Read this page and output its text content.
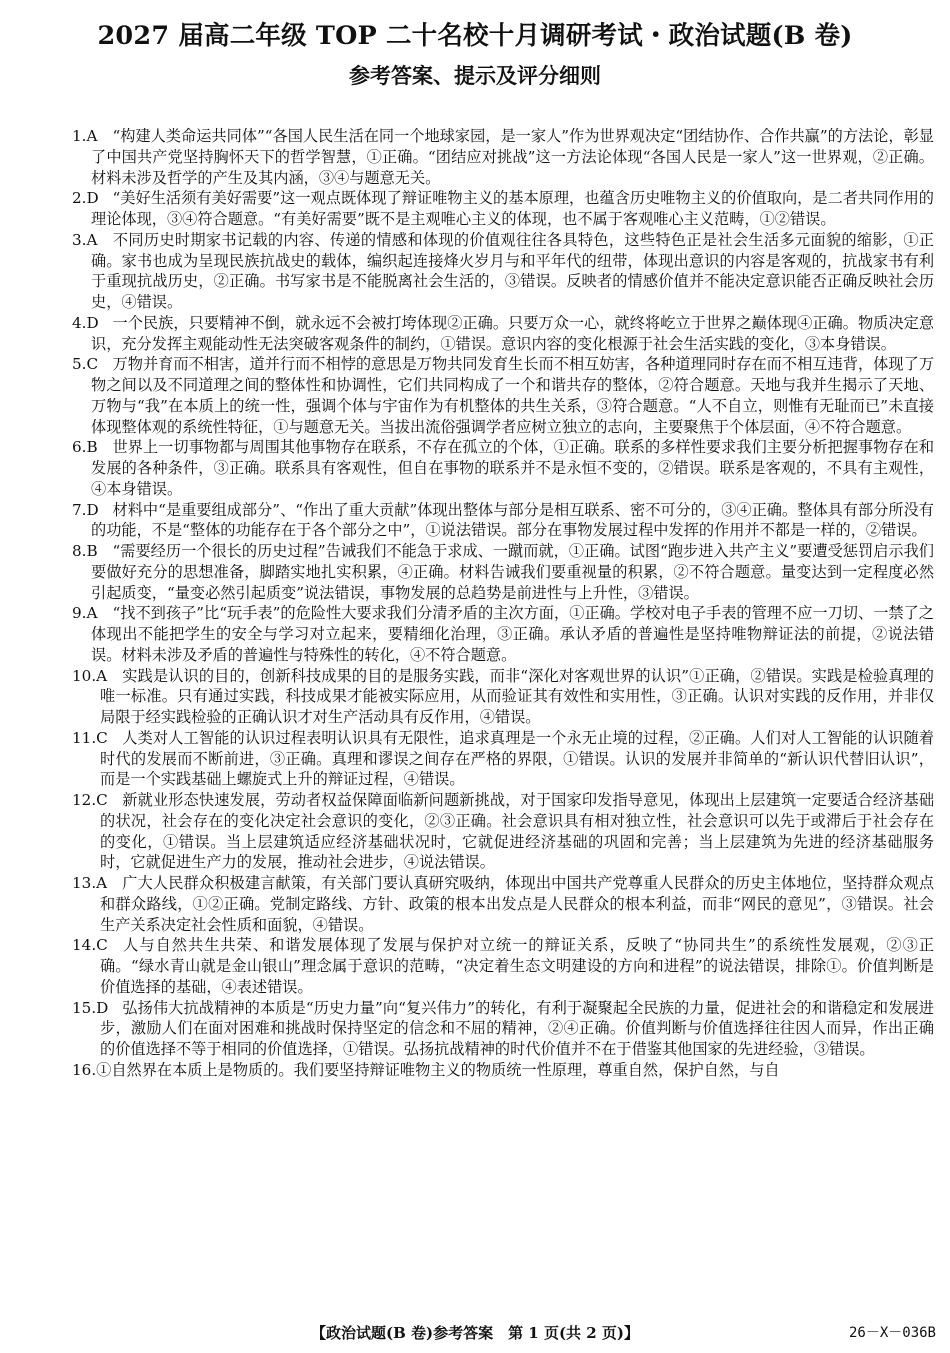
2027 届高二年级 TOP 二十名校十月调研考试・政治试题(B 卷)
参考答案、提示及评分细则

1.A “构建人类命运共同体”“各国人民生活在同一个地球家园，是一家人”作为世界观决定“团结协作、合作共赢”的方法论，彰显了中国共产党坚持胸怀天下的哲学智慧，①正确。“团结应对挑战”这一方法论体现“各国人民是一家人”这一世界观，②正确。材料未涉及哲学的产生及其内涵，③④与题意无关。

2.D “美好生活须有美好需要”这一观点既体现了辩证唯物主义的基本原理，也蕴含历史唯物主义的价值取向，是二者共同作用的理论体现，③④符合题意。“有美好需要”既不是主观唯心主义的体现，也不属于客观唯心主义范畴，①②错误。

3.A 不同历史时期家书记载的内容、传递的情感和体现的价值观往往各具特色，这些特色正是社会生活多元面貌的缩影，①正确。家书也成为呈现民族抗战史的载体，编织起连接烽火岁月与和平年代的纽带，体现出意识的内容是客观的，抗战家书有利于重现抗战历史，②正确。书写家书是不能脱离社会生活的，③错误。反映者的情感价值并不能决定意识能否正确反映社会历史，④错误。

4.D 一个民族，只要精神不倒，就永远不会被打垮体现②正确。只要万众一心，就终将屹立于世界之巅体现④正确。物质决定意识，充分发挥主观能动性无法突破客观条件的制约，①错误。意识内容的变化根源于社会生活实践的变化，③本身错误。

5.C 万物并育而不相害，道并行而不相悖的意思是万物共同发育生长而不相互妨害，各种道理同时存在而不相互违背，体现了万物之间以及不同道理之间的整体性和协调性，它们共同构成了一个和谐共存的整体，②符合题意。天地与我并生揭示了天地、万物与“我”在本质上的统一性，强调个体与宇宙作为有机整体的共生关系，③符合题意。“人不自立，则惟有无耻而已”未直接体现整体观的系统性特征，①与题意无关。当拔出流俗强调学者应树立独立的志向，主要聚焦于个体层面，④不符合题意。

6.B 世界上一切事物都与周围其他事物存在联系，不存在孤立的个体，①正确。联系的多样性要求我们主要分析把握事物存在和发展的各种条件，③正确。联系具有客观性，但自在事物的联系并不是永恒不变的，②错误。联系是客观的，不具有主观性，④本身错误。

7.D 材料中“是重要组成部分”、“作出了重大贡献”体现出整体与部分是相互联系、密不可分的，③④正确。整体具有部分所没有的功能，不是“整体的功能存在于各个部分之中”，①说法错误。部分在事物发展过程中发挥的作用并不都是一样的，②错误。

8.B “需要经历一个很长的历史过程”告诫我们不能急于求成、一蹴而就，①正确。试图“跑步进入共产主义”要遭受惩罚启示我们要做好充分的思想准备，脚踏实地扎实积累，④正确。材料告诫我们要重视量的积累，②不符合题意。量变达到一定程度必然引起质变，“量变必然引起质变”说法错误，事物发展的总趋势是前进性与上升性，③错误。

9.A “找不到孩子”比“玩手表”的危险性大要求我们分清矛盾的主次方面，①正确。学校对电子手表的管理不应一刀切、一禁了之体现出不能把学生的安全与学习对立起来，要精细化治理，③正确。承认矛盾的普遍性是坚持唯物辩证法的前提，②说法错误。材料未涉及矛盾的普遍性与特殊性的转化，④不符合题意。

10.A 实践是认识的目的，创新科技成果的目的是服务实践，而非“深化对客观世界的认识”①正确，②错误。实践是检验真理的唯一标准。只有通过实践，科技成果才能被实际应用，从而验证其有效性和实用性，③正确。认识对实践的反作用，并非仅局限于经实践检验的正确认识才对生产活动具有反作用，④错误。

11.C 人类对人工智能的认识过程表明认识具有无限性，追求真理是一个永无止境的过程，②正确。人们对人工智能的认识随着时代的发展而不断前进，③正确。真理和谬误之间存在严格的界限，①错误。认识的发展并非简单的“新认识代替旧认识”，而是一个实践基础上螺旋式上升的辩证过程，④错误。

12.C 新就业形态快速发展，劳动者权益保障面临新问题新挑战，对于国家印发指导意见，体现出上层建筑一定要适合经济基础的状况，社会存在的变化决定社会意识的变化，②③正确。社会意识具有相对独立性，社会意识可以先于或滞后于社会存在的变化，①错误。当上层建筑适应经济基础状况时，它就促进经济基础的巩固和完善；当上层建筑为先进的经济基础服务时，它就促进生产力的发展，推动社会进步，④说法错误。

13.A 广大人民群众积极建言献策，有关部门要认真研究吸纳，体现出中国共产党尊重人民群众的历史主体地位，坚持群众观点和群众路线，①②正确。党制定路线、方针、政策的根本出发点是人民群众的根本利益，而非“网民的意见”，③错误。社会生产关系决定社会性质和面貌，④错误。

14.C 人与自然共生共荣、和谐发展体现了发展与保护对立统一的辩证关系，反映了“协同共生”的系统性发展观，②③正确。“绿水青山就是金山银山”理念属于意识的范畴，“决定着生态文明建设的方向和进程”的说法错误，排除①。价值判断是价值选择的基础，④表述错误。

15.D 弘扬伟大抗战精神的本质是“历史力量”向“复兴伟力”的转化，有利于凝聚起全民族的力量，促进社会的和谐稳定和发展进步，激励人们在面对困难和挑战时保持坚定的信念和不屈的精神，②④正确。价值判断与价值选择往往因人而异，作出正确的价值选择不等于相同的价值选择，①错误。弘扬抗战精神的时代价值并不在于借鉴其他国家的先进经验，③错误。

16.①自然界在本质上是物质的。我们要坚持辩证唯物主义的物质统一性原理，尊重自然，保护自然，与自

【政治试题(B 卷)参考答案　第 1 页(共 2 页)】	26－X－036B
